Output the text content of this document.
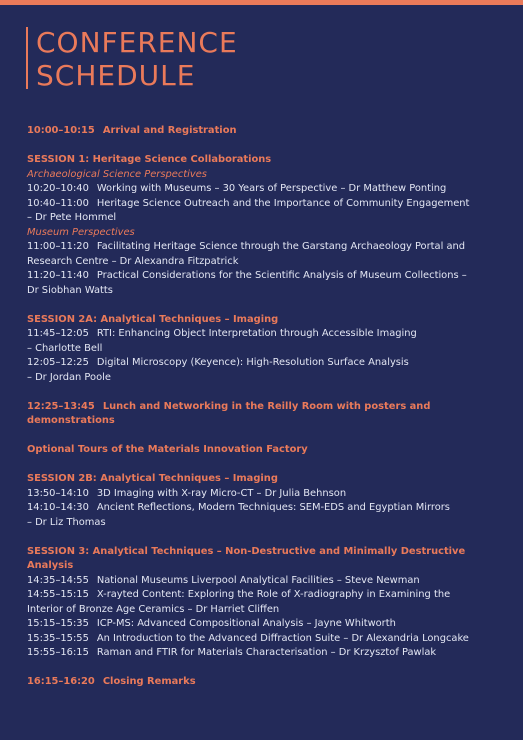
CONFERENCE
SCHEDULE
10:00–10:15 Arrival and Registration
SESSION 1: Heritage Science Collaborations
Archaeological Science Perspectives
10:20–10:40 Working with Museums – 30 Years of Perspective – Dr Matthew Ponting
10:40–11:00 Heritage Science Outreach and the Importance of Community Engagement
– Dr Pete Hommel
Museum Perspectives
11:00–11:20 Facilitating Heritage Science through the Garstang Archaeology Portal and
Research Centre – Dr Alexandra Fitzpatrick
11:20–11:40 Practical Considerations for the Scientific Analysis of Museum Collections –
Dr Siobhan Watts
SESSION 2A: Analytical Techniques – Imaging
11:45–12:05 RTI: Enhancing Object Interpretation through Accessible Imaging
– Charlotte Bell
12:05–12:25 Digital Microscopy (Keyence): High-Resolution Surface Analysis
– Dr Jordan Poole
12:25–13:45 Lunch and Networking in the Reilly Room with posters and
demonstrations
Optional Tours of the Materials Innovation Factory
SESSION 2B: Analytical Techniques – Imaging
13:50–14:10 3D Imaging with X-ray Micro-CT – Dr Julia Behnson
14:10–14:30 Ancient Reflections, Modern Techniques: SEM-EDS and Egyptian Mirrors
– Dr Liz Thomas
SESSION 3: Analytical Techniques – Non-Destructive and Minimally Destructive
Analysis
14:35–14:55 National Museums Liverpool Analytical Facilities – Steve Newman
14:55–15:15 X-rayted Content: Exploring the Role of X-radiography in Examining the
Interior of Bronze Age Ceramics – Dr Harriet Cliffen
15:15–15:35 ICP-MS: Advanced Compositional Analysis – Jayne Whitworth
15:35–15:55 An Introduction to the Advanced Diffraction Suite – Dr Alexandria Longcake
15:55–16:15 Raman and FTIR for Materials Characterisation – Dr Krzysztof Pawlak
16:15–16:20 Closing Remarks
